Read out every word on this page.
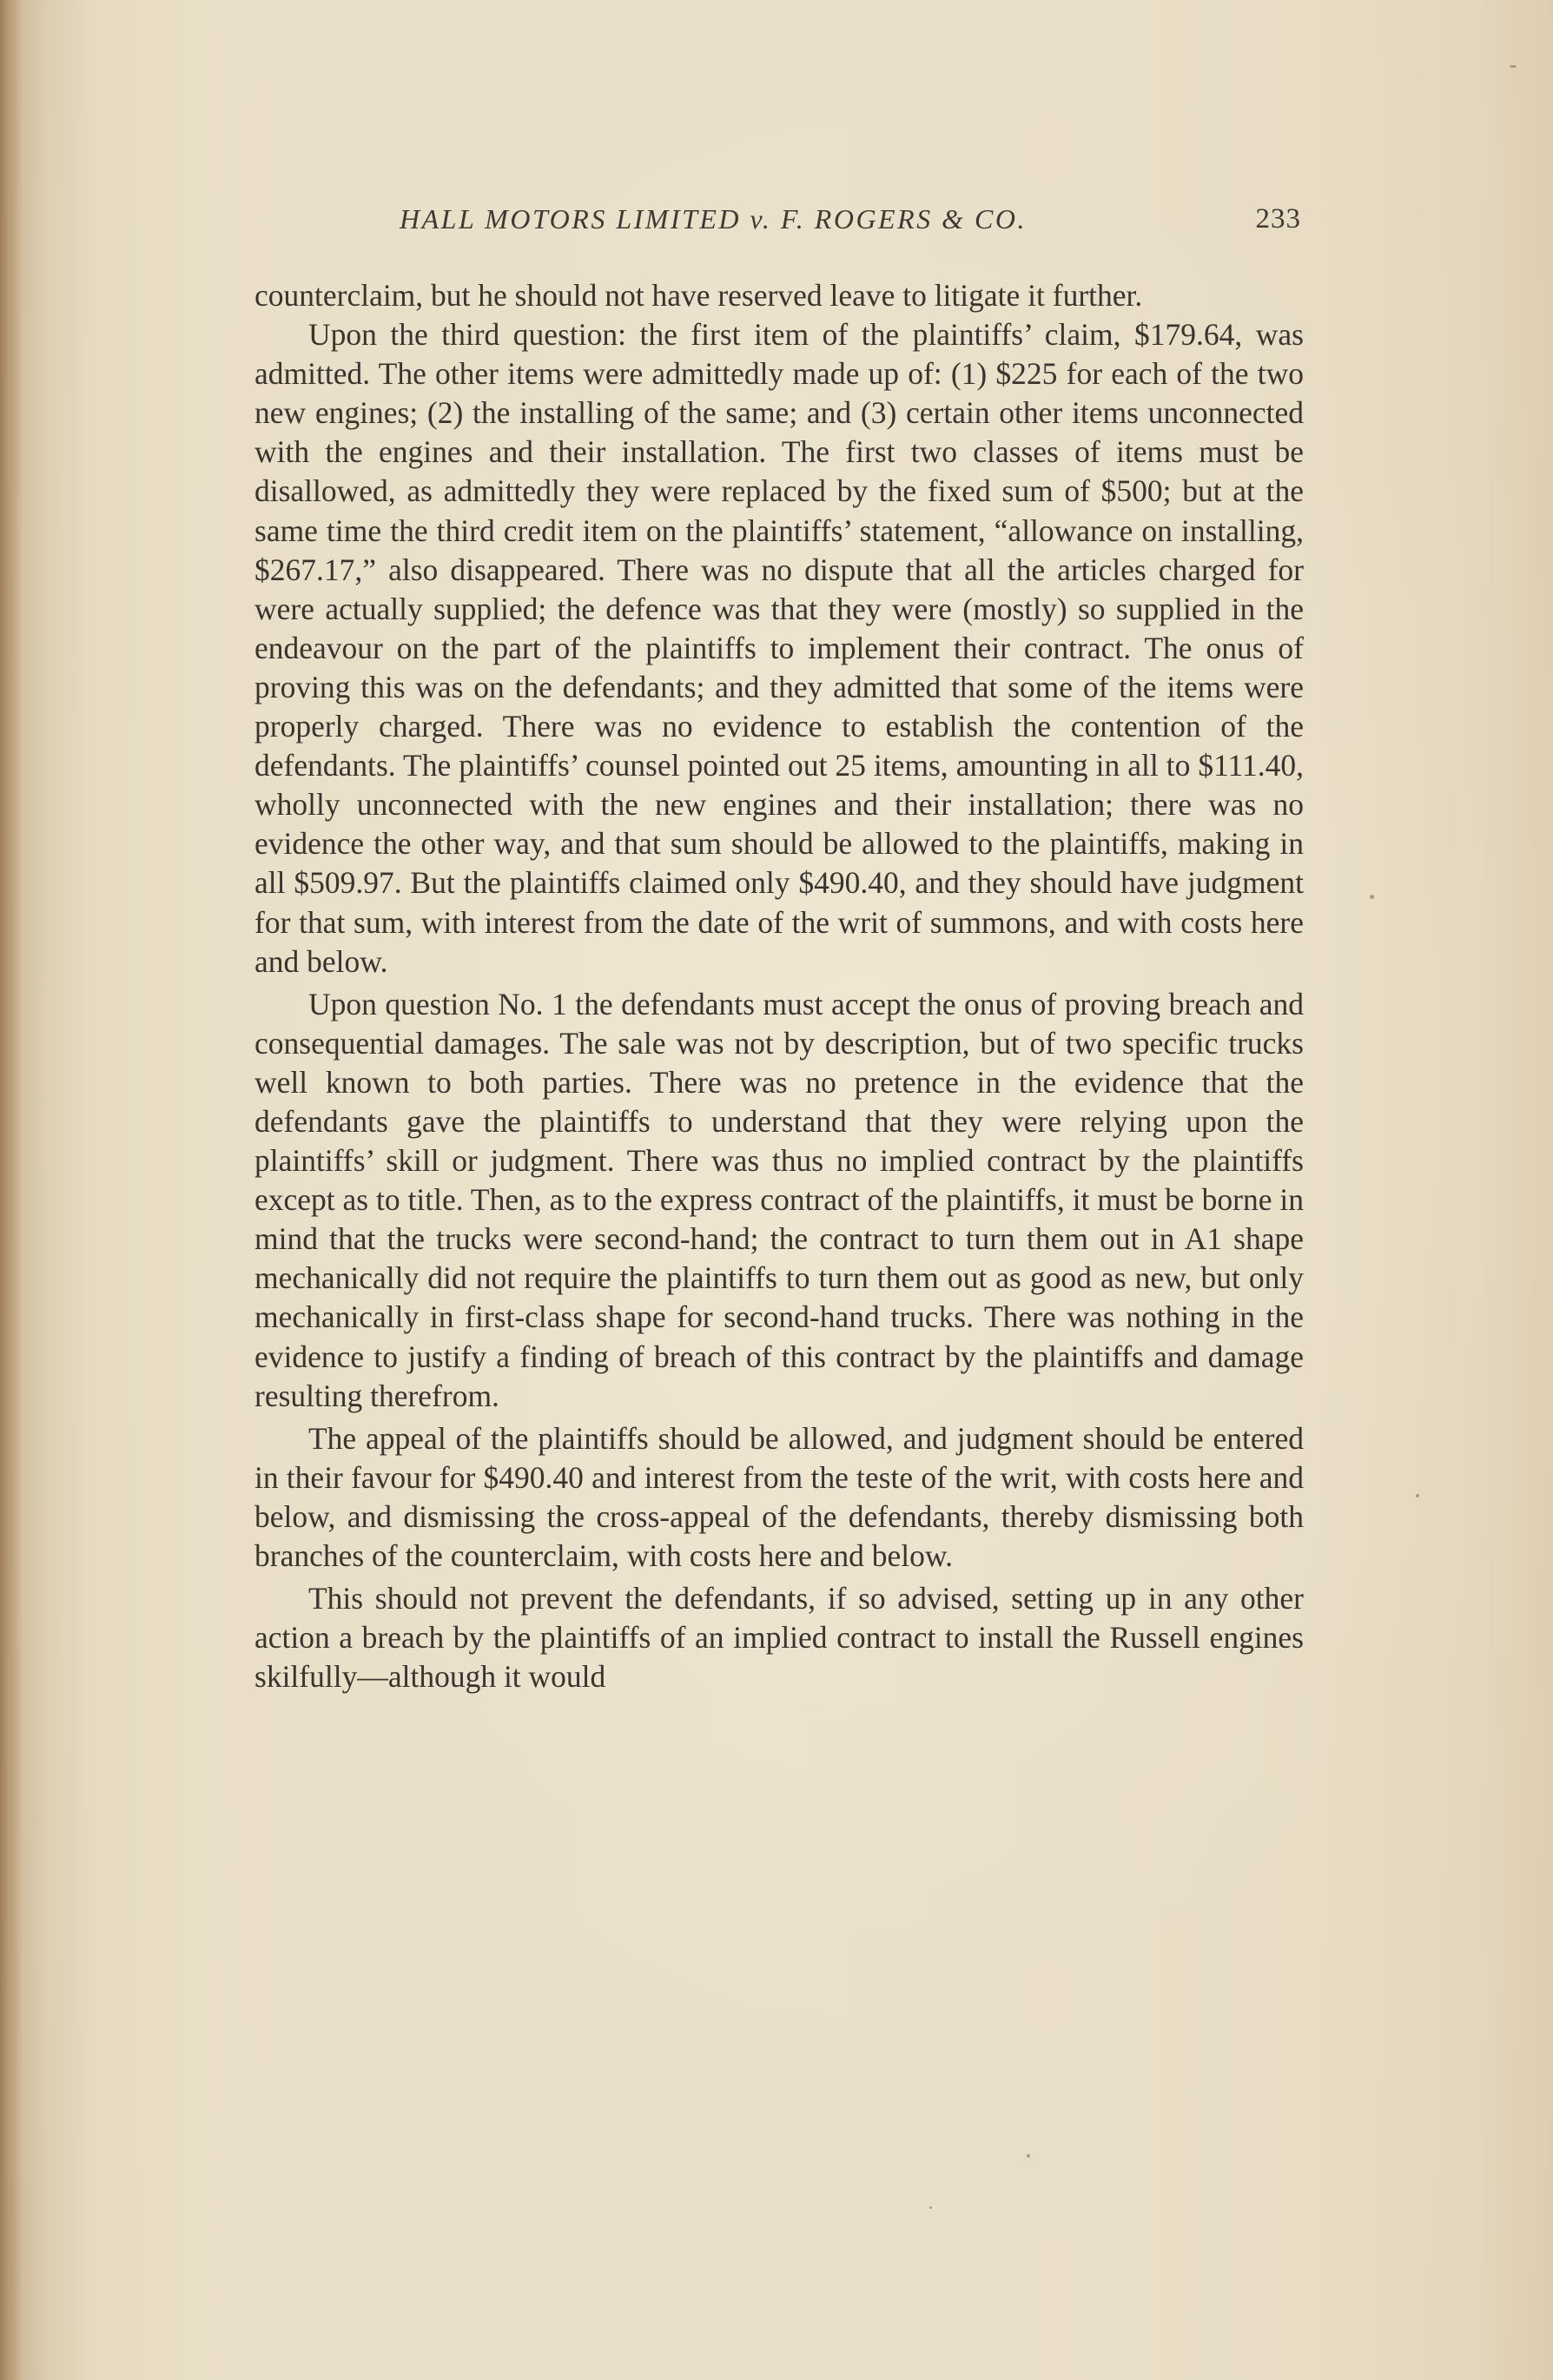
HALL MOTORS LIMITED v. F. ROGERS & CO.	233

counterclaim, but he should not have reserved leave to litigate it further.

Upon the third question: the first item of the plaintiffs’ claim, $179.64, was admitted. The other items were admittedly made up of: (1) $225 for each of the two new engines; (2) the installing of the same; and (3) certain other items unconnected with the engines and their installation. The first two classes of items must be disallowed, as admittedly they were replaced by the fixed sum of $500; but at the same time the third credit item on the plaintiffs’ statement, “allowance on installing, $267.17,” also disappeared. There was no dispute that all the articles charged for were actually supplied; the defence was that they were (mostly) so supplied in the endeavour on the part of the plaintiffs to implement their contract. The onus of proving this was on the defendants; and they admitted that some of the items were properly charged. There was no evidence to establish the contention of the defendants. The plaintiffs’ counsel pointed out 25 items, amounting in all to $111.40, wholly unconnected with the new engines and their installation; there was no evidence the other way, and that sum should be allowed to the plaintiffs, making in all $509.97. But the plaintiffs claimed only $490.40, and they should have judgment for that sum, with interest from the date of the writ of summons, and with costs here and below.

Upon question No. 1 the defendants must accept the onus of proving breach and consequential damages. The sale was not by description, but of two specific trucks well known to both parties. There was no pretence in the evidence that the defendants gave the plaintiffs to understand that they were relying upon the plaintiffs’ skill or judgment. There was thus no implied contract by the plaintiffs except as to title. Then, as to the express contract of the plaintiffs, it must be borne in mind that the trucks were second-hand; the contract to turn them out in A1 shape mechanically did not require the plaintiffs to turn them out as good as new, but only mechanically in first-class shape for second-hand trucks. There was nothing in the evidence to justify a finding of breach of this contract by the plaintiffs and damage resulting therefrom.

The appeal of the plaintiffs should be allowed, and judgment should be entered in their favour for $490.40 and interest from the teste of the writ, with costs here and below, and dismissing the cross-appeal of the defendants, thereby dismissing both branches of the counterclaim, with costs here and below.

This should not prevent the defendants, if so advised, setting up in any other action a breach by the plaintiffs of an implied contract to install the Russell engines skilfully—although it would
